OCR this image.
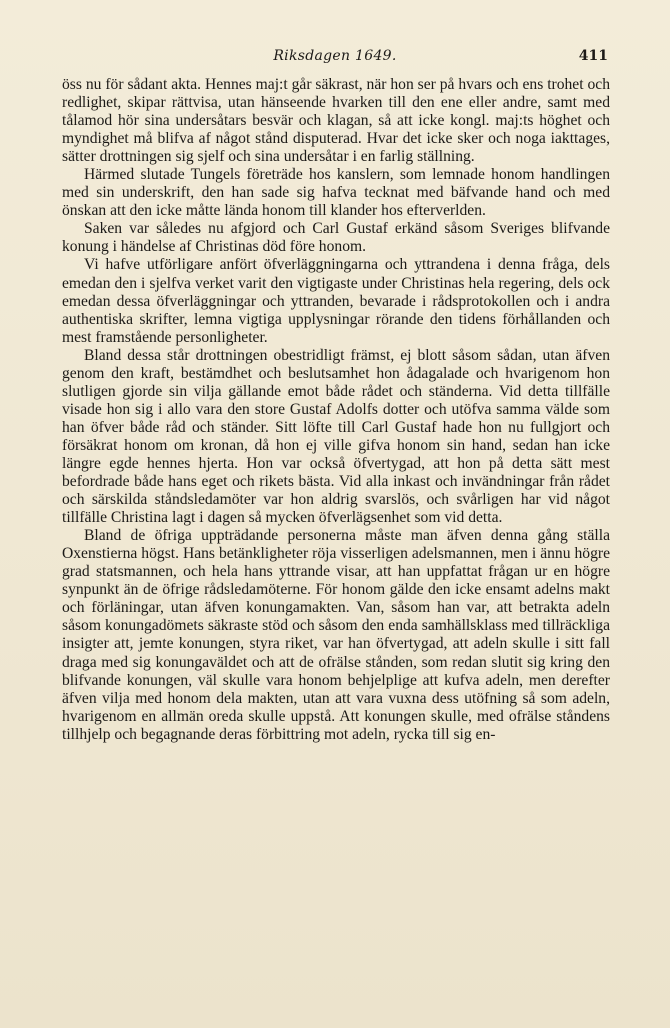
Riksdagen 1649.	411

öss nu för sådant akta. Hennes maj:t går säkrast, när hon ser på hvars och ens trohet och redlighet, skipar rättvisa, utan hänseende hvarken till den ene eller andre, samt med tålamod hör sina undersåtars besvär och klagan, så att icke kongl. maj:ts höghet och myndighet må blifva af något stånd disputerad. Hvar det icke sker och noga iakttages, sätter drottningen sig sjelf och sina undersåtar i en farlig ställning.

Härmed slutade Tungels företräde hos kanslern, som lemnade honom handlingen med sin underskrift, den han sade sig hafva tecknat med bäfvande hand och med önskan att den icke måtte lända honom till klander hos efterverlden.

Saken var således nu afgjord och Carl Gustaf erkänd såsom Sveriges blifvande konung i händelse af Christinas död före honom.

Vi hafve utförligare anfört öfverläggningarna och yttrandena i denna fråga, dels emedan den i sjelfva verket varit den vigtigaste under Christinas hela regering, dels ock emedan dessa öfverläggningar och yttranden, bevarade i rådsprotokollen och i andra authentiska skrifter, lemna vigtiga upplysningar rörande den tidens förhållanden och mest framstående personligheter.

Bland dessa står drottningen obestridligt främst, ej blott såsom sådan, utan äfven genom den kraft, bestämdhet och beslutsamhet hon ådagalade och hvarigenom hon slutligen gjorde sin vilja gällande emot både rådet och ständerna. Vid detta tillfälle visade hon sig i allo vara den store Gustaf Adolfs dotter och utöfva samma välde som han öfver både råd och ständer. Sitt löfte till Carl Gustaf hade hon nu fullgjort och försäkrat honom om kronan, då hon ej ville gifva honom sin hand, sedan han icke längre egde hennes hjerta. Hon var också öfvertygad, att hon på detta sätt mest befordrade både hans eget och rikets bästa. Vid alla inkast och invändningar från rådet och särskilda ståndsledamöter var hon aldrig svarslös, och svårligen har vid något tillfälle Christina lagt i dagen så mycken öfverlägsenhet som vid detta.

Bland de öfriga uppträdande personerna måste man äfven denna gång ställa Oxenstierna högst. Hans betänkligheter röja visserligen adelsmannen, men i ännu högre grad statsmannen, och hela hans yttrande visar, att han uppfattat frågan ur en högre synpunkt än de öfrige rådsledamöterne. För honom gälde den icke ensamt adelns makt och förläningar, utan äfven konungamakten. Van, såsom han var, att betrakta adeln såsom konungadömets säkraste stöd och såsom den enda samhällsklass med tillräckliga insigter att, jemte konungen, styra riket, var han öfvertygad, att adeln skulle i sitt fall draga med sig konungaväldet och att de ofrälse stånden, som redan slutit sig kring den blifvande konungen, väl skulle vara honom behjelplige att kufva adeln, men derefter äfven vilja med honom dela makten, utan att vara vuxna dess utöfning så som adeln, hvarigenom en allmän oreda skulle uppstå. Att konungen skulle, med ofrälse ståndens tillhjelp och begagnande deras förbittring mot adeln, rycka till sig en-
